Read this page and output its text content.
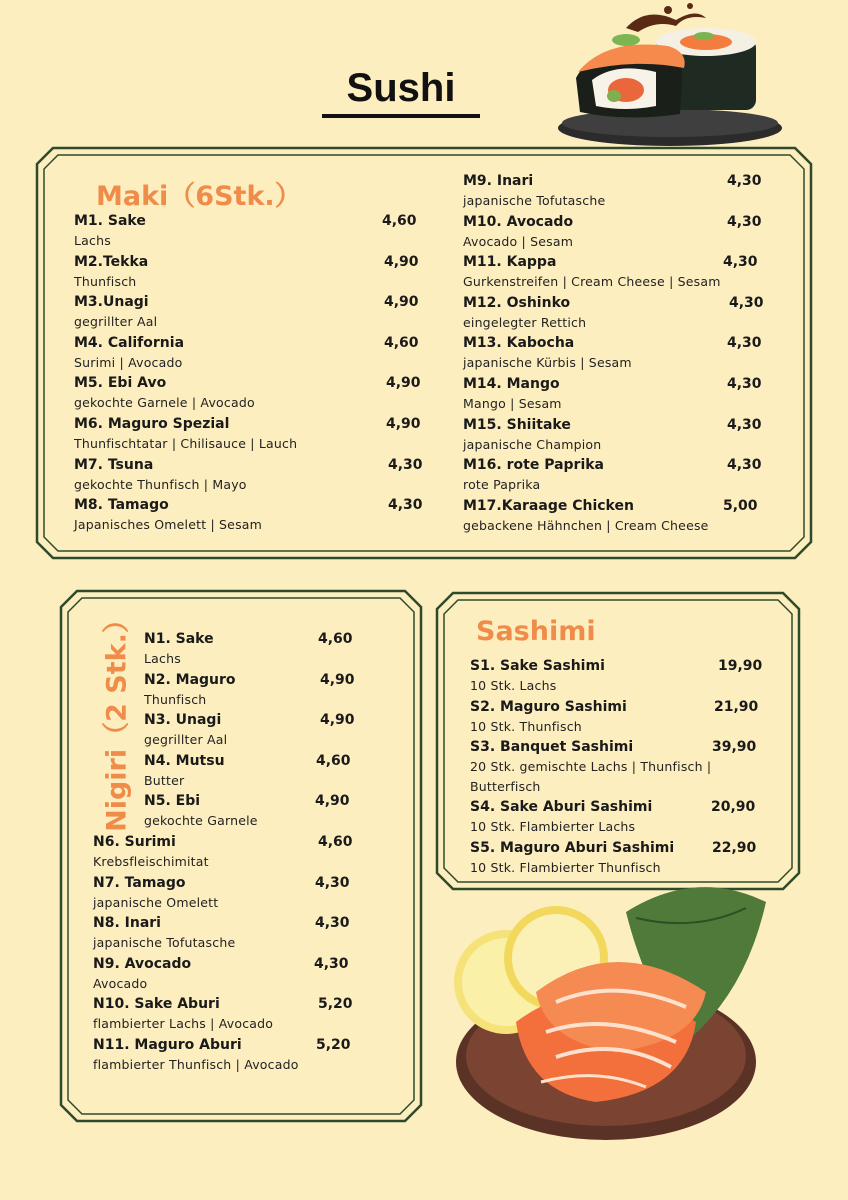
Sushi
Maki（6Stk.）
M1. Sake	4,60
Lachs
M2.Tekka	4,90
Thunfisch
M3.Unagi	4,90
gegrillter Aal
M4. California	4,60
Surimi | Avocado
M5. Ebi Avo	4,90
gekochte Garnele | Avocado
M6. Maguro Spezial	4,90
Thunfischtatar | Chilisauce | Lauch
M7. Tsuna	4,30
gekochte Thunfisch | Mayo
M8. Tamago	4,30
Japanisches Omelett | Sesam
M9. Inari	4,30
japanische Tofutasche
M10. Avocado	4,30
Avocado | Sesam
M11. Kappa	4,30
Gurkenstreifen | Cream Cheese | Sesam
M12. Oshinko	4,30
eingelegter Rettich
M13. Kabocha	4,30
japanische Kürbis | Sesam
M14. Mango	4,30
Mango | Sesam
M15. Shiitake	4,30
japanische Champion
M16. rote Paprika	4,30
rote Paprika
M17.Karaage Chicken	5,00
gebackene Hähnchen | Cream Cheese
Nigiri（2 Stk.） N1. Sake	4,60
Lachs
N2. Maguro	4,90
Thunfisch
N3. Unagi	4,90
gegrillter Aal
N4. Mutsu	4,60
Butter
N5. Ebi	4,90
gekochte Garnele
N6. Surimi	4,60
Krebsfleischimitat
N7. Tamago	4,30
japanische Omelett
N8. Inari	4,30
japanische Tofutasche
N9. Avocado	4,30
Avocado
N10. Sake Aburi	5,20
flambierter Lachs | Avocado
N11. Maguro Aburi	5,20
flambierter Thunfisch | Avocado
Sashimi
S1. Sake Sashimi	19,90
10 Stk. Lachs
S2. Maguro Sashimi	21,90
10 Stk. Thunfisch
S3. Banquet Sashimi	39,90
20 Stk. gemischte Lachs | Thunfisch |
Butterfisch
S4. Sake Aburi Sashimi	20,90
10 Stk. Flambierter Lachs
S5. Maguro Aburi Sashimi	22,90
10 Stk. Flambierter Thunfisch
